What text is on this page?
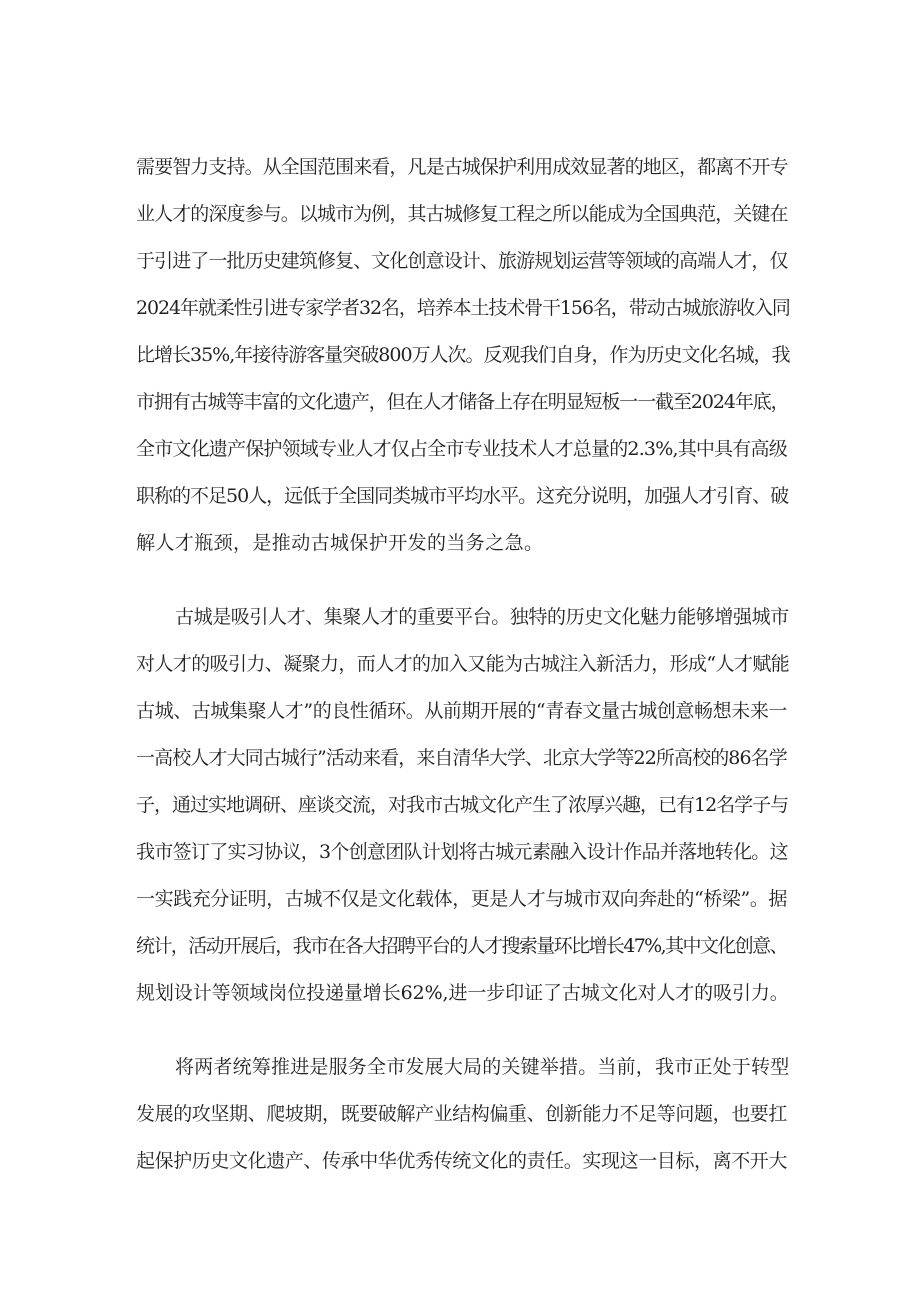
需要智力支持。从全国范围来看，凡是古城保护利用成效显著的地区，都离不开专
业人才的深度参与。以城市为例，其古城修复工程之所以能成为全国典范，关键在
于引进了一批历史建筑修复、文化创意设计、旅游规划运营等领域的高端人才，仅
2024年就柔性引进专家学者32名，培养本土技术骨干156名，带动古城旅游收入同
比增长35%,年接待游客量突破800万人次。反观我们自身，作为历史文化名城，我
市拥有古城等丰富的文化遗产，但在人才储备上存在明显短板一一截至2024年底，
全市文化遗产保护领域专业人才仅占全市专业技术人才总量的2.3%,其中具有高级
职称的不足50人，远低于全国同类城市平均水平。这充分说明，加强人才引育、破
解人才瓶颈，是推动古城保护开发的当务之急。
古城是吸引人才、集聚人才的重要平台。独特的历史文化魅力能够增强城市
对人才的吸引力、凝聚力，而人才的加入又能为古城注入新活力，形成“人才赋能
古城、古城集聚人才”的良性循环。从前期开展的“青春文量古城创意畅想未来一
一高校人才大同古城行”活动来看，来自清华大学、北京大学等22所高校的86名学
子，通过实地调研、座谈交流，对我市古城文化产生了浓厚兴趣，已有12名学子与
我市签订了实习协议，3个创意团队计划将古城元素融入设计作品并落地转化。这
一实践充分证明，古城不仅是文化载体，更是人才与城市双向奔赴的“桥梁”。据
统计，活动开展后，我市在各大招聘平台的人才搜索量环比增长47%,其中文化创意、
规划设计等领域岗位投递量增长62%,进一步印证了古城文化对人才的吸引力。
将两者统筹推进是服务全市发展大局的关键举措。当前，我市正处于转型
发展的攻坚期、爬坡期，既要破解产业结构偏重、创新能力不足等问题，也要扛
起保护历史文化遗产、传承中华优秀传统文化的责任。实现这一目标，离不开大
